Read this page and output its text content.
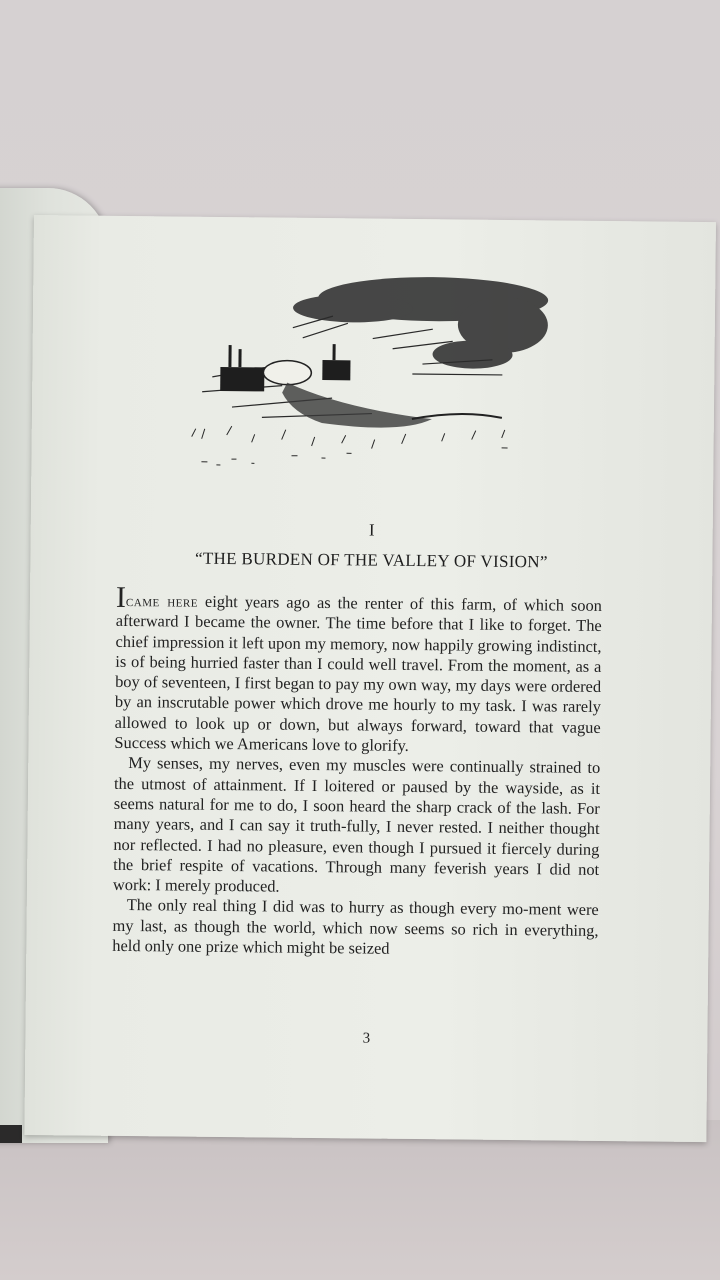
I
“THE BURDEN OF THE VALLEY OF VISION”

Icame here eight years ago as the renter of this farm, of which soon afterward I became the owner. The time before that I like to forget. The chief impression it left upon my memory, now happily growing indistinct, is of being hurried faster than I could well travel. From the moment, as a boy of seventeen, I first began to pay my own way, my days were ordered by an inscrutable power which drove me hourly to my task. I was rarely allowed to look up or down, but always forward, toward that vague Success which we Americans love to glorify.

My senses, my nerves, even my muscles were continually strained to the utmost of attainment. If I loitered or paused by the wayside, as it seems natural for me to do, I soon heard the sharp crack of the lash. For many years, and I can say it truth-fully, I never rested. I neither thought nor reflected. I had no pleasure, even though I pursued it fiercely during the brief respite of vacations. Through many feverish years I did not work: I merely produced.

The only real thing I did was to hurry as though every mo-ment were my last, as though the world, which now seems so rich in everything, held only one prize which might be seized

3
